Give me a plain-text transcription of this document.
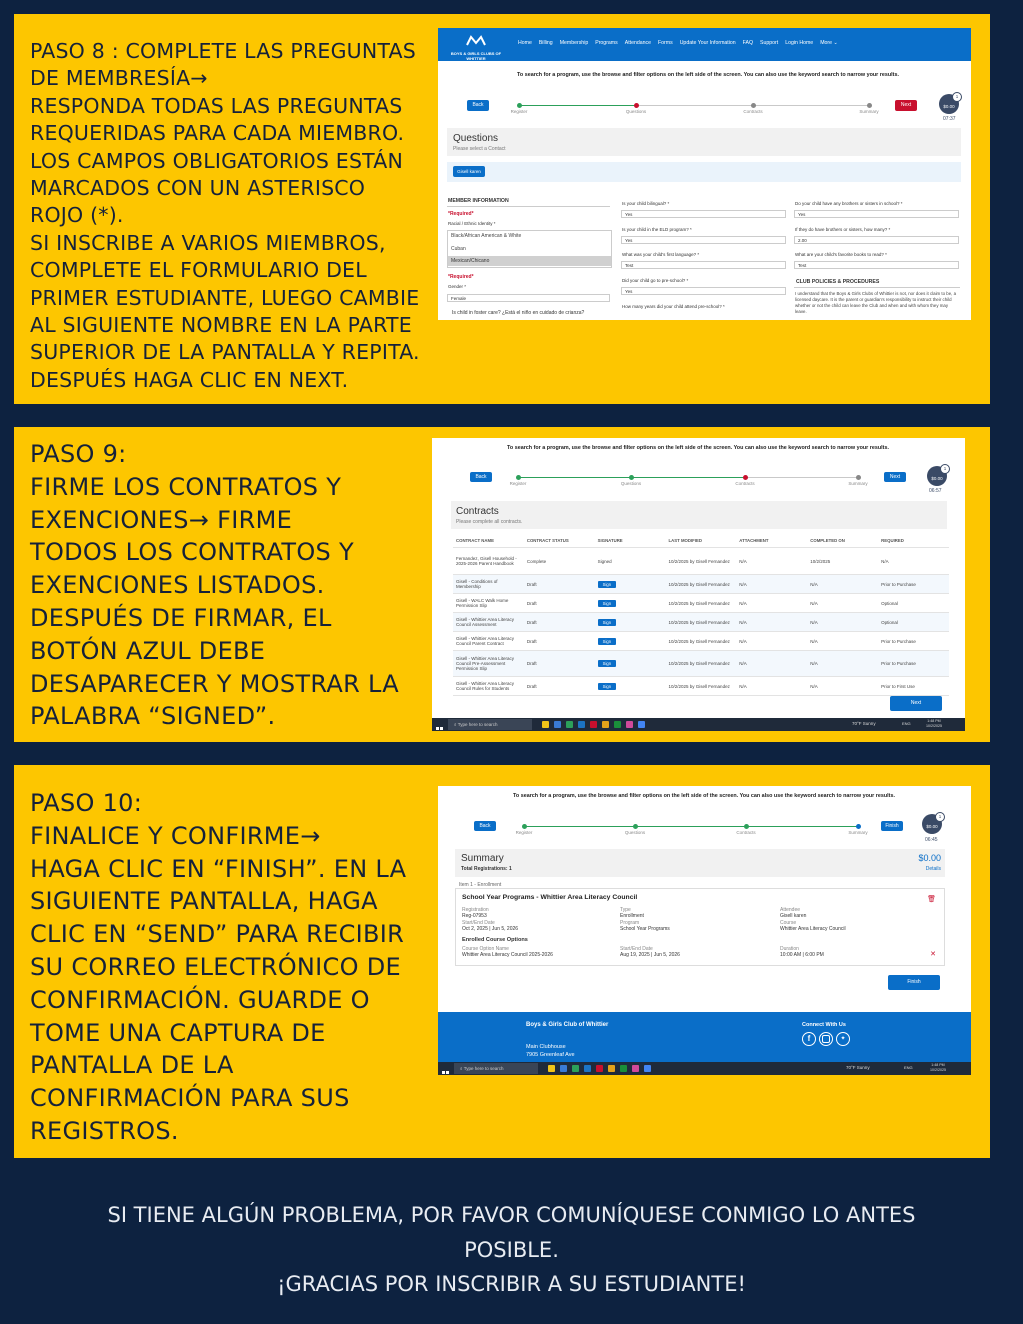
PASO 8 : COMPLETE LAS PREGUNTAS
DE MEMBRESÍA→
RESPONDA TODAS LAS PREGUNTAS
REQUERIDAS PARA CADA MIEMBRO.
LOS CAMPOS OBLIGATORIOS ESTÁN
MARCADOS CON UN ASTERISCO
ROJO (*).
SI INSCRIBE A VARIOS MIEMBROS,
COMPLETE EL FORMULARIO DEL
PRIMER ESTUDIANTE, LUEGO CAMBIE
AL SIGUIENTE NOMBRE EN LA PARTE
SUPERIOR DE LA PANTALLA Y REPITA.
DESPUÉS HAGA CLIC EN NEXT.
BOYS & GIRLS CLUBS OF WHITTIER
Home Billing Membership Programs Attendance Forms Update Your Information FAQ Support Login Home More ⌄
To search for a program, use the browse and filter options on the left side of the screen. You can also use the keyword search to narrow your results.
Back
Register	Questions	Contracts	Summary
Next	$0.00
1
07:37
Questions
Please select a Contact
Gisell karen
MEMBER INFORMATION
*Required*
Racial / Ethnic Identity *
Black/African American & White
Cuban
Mexican/Chicano
*Required*
Gender *
Female
Is child in foster care? ¿Está el niño en cuidado de crianza?
Is your child bilingual? *
Yes
Is your child in the ELD program? *
Yes
What was your child's first language? *
Test
Did your child go to pre-school? *
Yes
How many years did your child attend pre-school? *
Do your child have any brothers or sisters in school? *
Yes
If they do have brothers or sisters, how many? *
2.00
What are your child's favorite books to read? *
Test
CLUB POLICIES & PROCEDURES
I understand that the Boys & Girls Clubs of Whittier is not, nor does it claim to be, a licensed daycare. It is the parent or guardian's responsibility to instruct their child whether or not the child can leave the Club and when and with whom they may leave.
PASO 9:
FIRME LOS CONTRATOS Y
EXENCIONES→ FIRME
TODOS LOS CONTRATOS Y
EXENCIONES LISTADOS.
DESPUÉS DE FIRMAR, EL
BOTÓN AZUL DEBE
DESAPARECER Y MOSTRAR LA
PALABRA “SIGNED”.
To search for a program, use the browse and filter options on the left side of the screen. You can also use the keyword search to narrow your results.
Back
Register	Questions	Contracts	Summary
Next	$0.00
1
06:57
Contracts
Please complete all contracts.
CONTRACT NAME	CONTRACT STATUS	SIGNATURE	LAST MODIFIED	ATTACHMENT	COMPLETED ON	REQUIRED
Fernandez, Gisell Household - 2025-2026 Parent Handbook	Complete	Signed	10/2/2025 by Gisell Fernandez	N/A	10/2/2025	N/A
Gisell - Conditions of Membership	Draft	Sign	10/2/2025 by Gisell Fernandez	N/A	N/A	Prior to Purchase
Gisell - WALC Walk Home Permission Slip	Draft	Sign	10/2/2025 by Gisell Fernandez	N/A	N/A	Optional
Gisell - Whittier Area Literacy Council Assessment	Draft	Sign	10/2/2025 by Gisell Fernandez	N/A	N/A	Optional
Gisell - Whittier Area Literacy Council Parent Contract	Draft	Sign	10/2/2025 by Gisell Fernandez	N/A	N/A	Prior to Purchase
Gisell - Whittier Area Literacy Council Pre-Assessment Permission Slip	Draft	Sign	10/2/2025 by Gisell Fernandez	N/A	N/A	Prior to Purchase
Gisell - Whittier Area Literacy Council Rules for Students	Draft	Sign	10/2/2025 by Gisell Fernandez	N/A	N/A	Prior to First Use
Next
⌕ Type here to search	70°F Sunny	ENG	1:48 PM
10/2/2025
PASO 10:
FINALICE Y CONFIRME→
HAGA CLIC EN “FINISH”. EN LA
SIGUIENTE PANTALLA, HAGA
CLIC EN “SEND” PARA RECIBIR
SU CORREO ELECTRÓNICO DE
CONFIRMACIÓN. GUARDE O
TOME UNA CAPTURA DE
PANTALLA DE LA
CONFIRMACIÓN PARA SUS
REGISTROS.
To search for a program, use the browse and filter options on the left side of the screen. You can also use the keyword search to narrow your results.
Back
Register	Questions	Contracts	Summary
Finish	$0.00
1
06:45
Summary
Total Registrations: 1
$0.00
Details
Item 1 - Enrollment
School Year Programs - Whittier Area Literacy Council	🗑
Registration
Reg-07953
Type
Enrollment
Attendee
Gisell karen
Start/End Date
Oct 2, 2025 | Jun 5, 2026
Program
School Year Programs
Course
Whittier Area Literacy Council
Enrolled Course Options
Course Option Name
Whittier Area Literacy Council 2025-2026
Start/End Date
Aug 19, 2025 | Jun 5, 2026
Duration
10:00 AM | 6:00 PM	✕
Finish
Boys & Girls Club of Whittier
Main Clubhouse
7905 Greenleaf Ave
Connect With Us
f	✦
⌕ Type here to search	70°F Sunny	ENG	1:48 PM
10/2/2025
SI TIENE ALGÚN PROBLEMA, POR FAVOR COMUNÍQUESE CONMIGO LO ANTES
POSIBLE.
¡GRACIAS POR INSCRIBIR A SU ESTUDIANTE!
